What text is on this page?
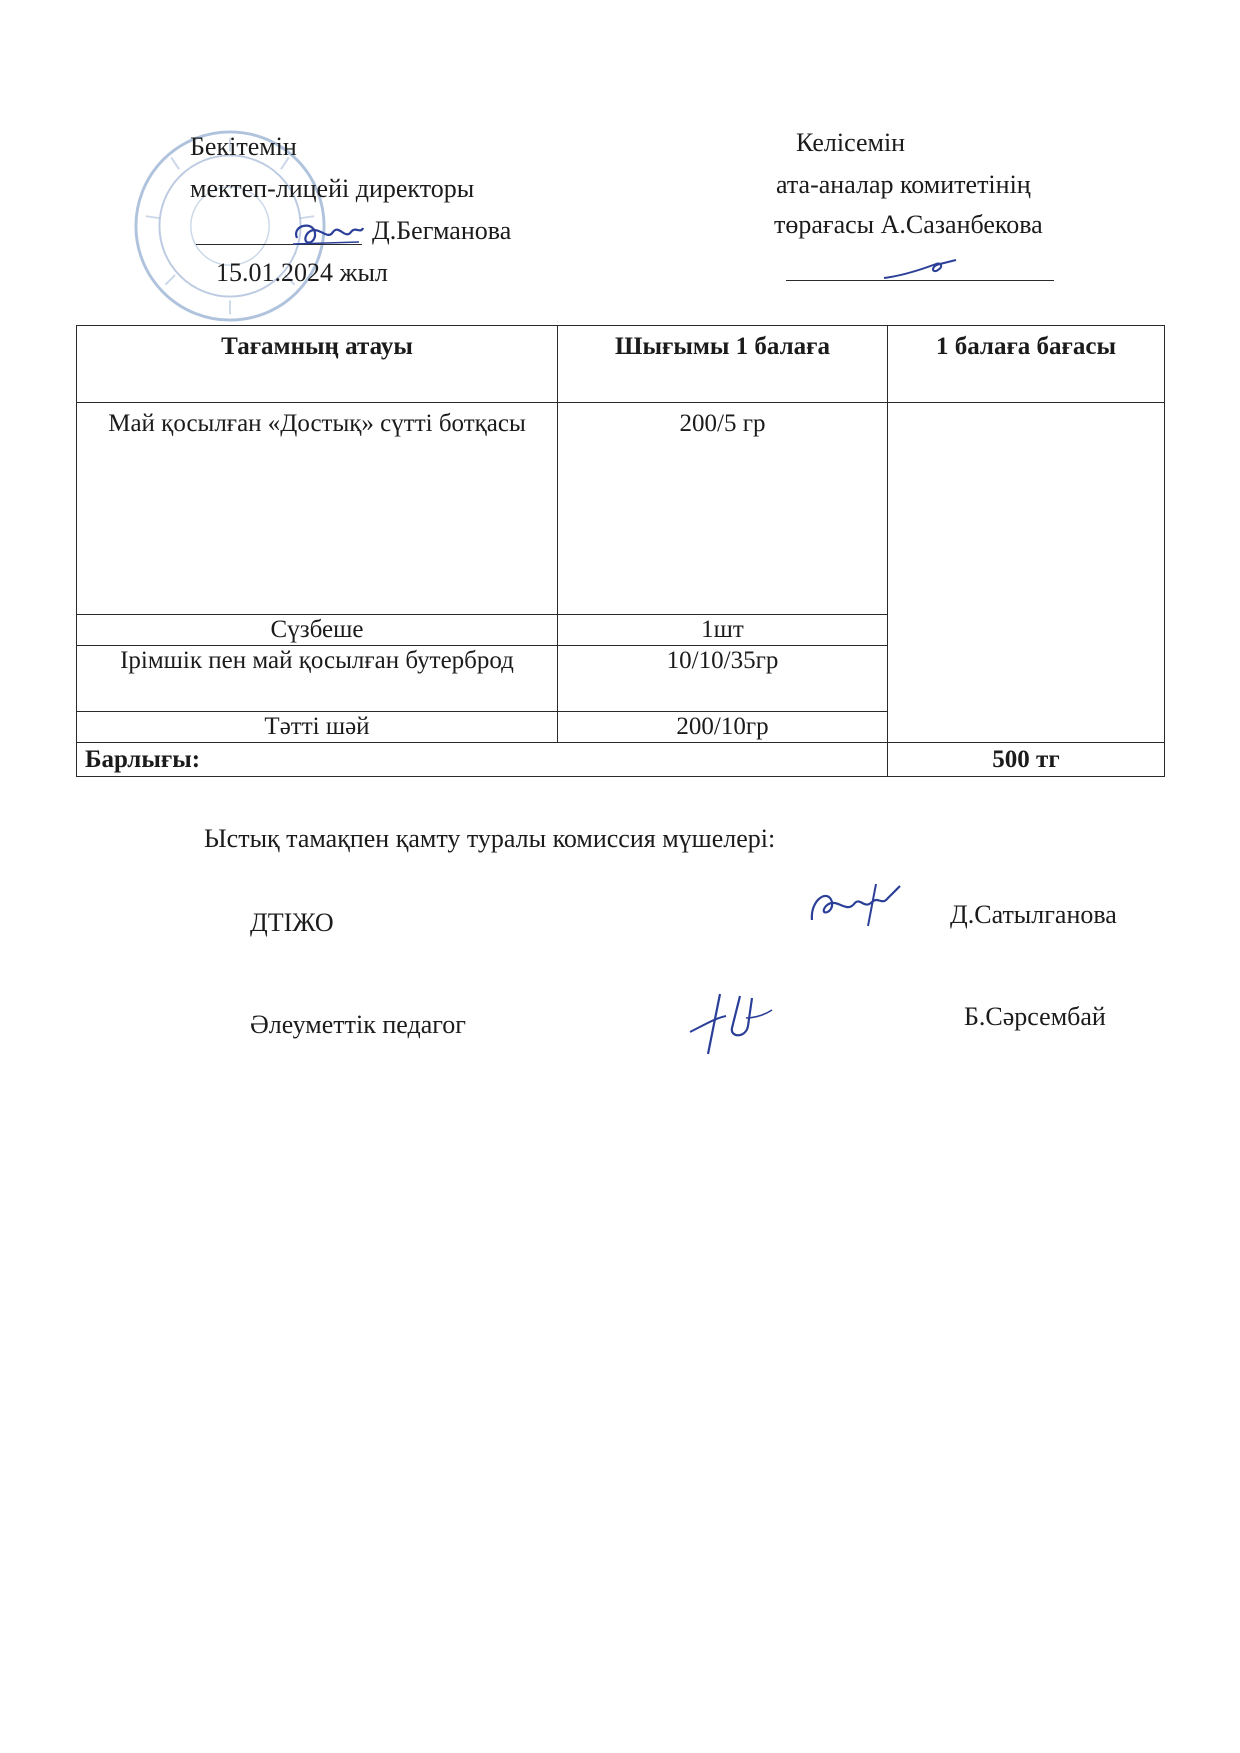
Бекітемін
мектеп-лицейі директоры
Д.Бегманова
15.01.2024 жыл
Келісемін
ата-аналар комитетінің
төрағасы А.Сазанбекова
Тағамның атауы	Шығымы 1 балаға	1 балаға бағасы
Май қосылған «Достық» сүтті ботқасы	200/5 гр	
Сүзбеше	1шт	
Ірімшік пен май қосылған бутерброд	10/10/35гр	
Тәтті шәй	200/10гр	
Барлығы:		500 тг
Ыстық тамақпен қамту туралы комиссия мүшелері:
ДТІЖО	Д.Сатылганова
Әлеуметтік педагог	Б.Сәрсембай
